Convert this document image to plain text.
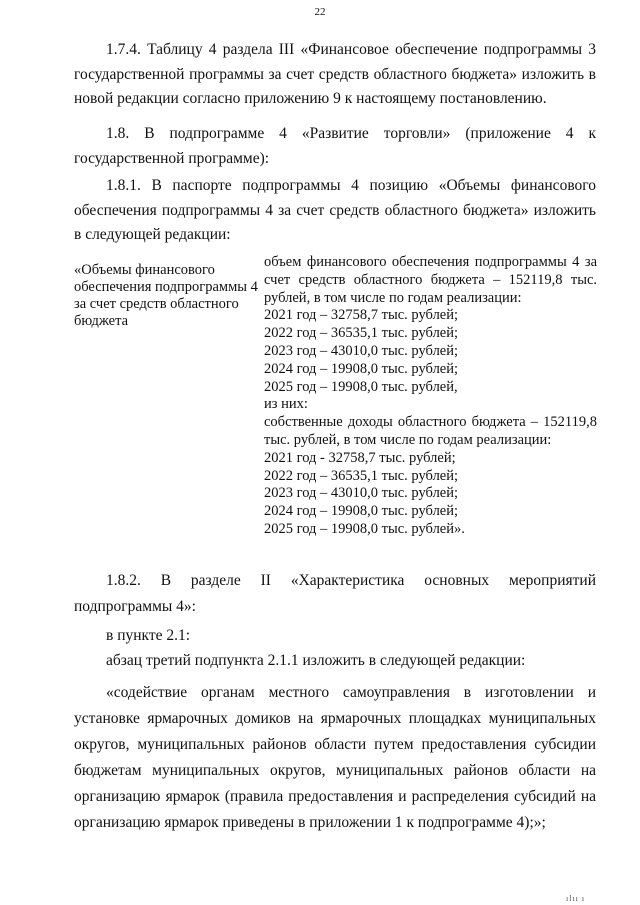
22
1.7.4. Таблицу 4 раздела III «Финансовое обеспечение подпрограммы 3 государственной программы за счет средств областного бюджета» изложить в новой редакции согласно приложению 9 к настоящему постановлению.
1.8. В подпрограмме 4 «Развитие торговли» (приложение 4 к государственной программе):
1.8.1. В паспорте подпрограммы 4 позицию «Объемы финансового обеспечения подпрограммы 4 за счет средств областного бюджета» изложить в следующей редакции:
«Объемы финансового обеспечения подпрограммы 4 за счет средств областного бюджета
объем финансового обеспечения подпрограммы 4 за счет средств областного бюджета – 152119,8 тыс. рублей, в том числе по годам реализации:
2021 год – 32758,7 тыс. рублей;
2022 год – 36535,1 тыс. рублей;
2023 год – 43010,0 тыс. рублей;
2024 год – 19908,0 тыс. рублей;
2025 год – 19908,0 тыс. рублей,
из них:
собственные доходы областного бюджета – 152119,8 тыс. рублей, в том числе по годам реализации:
2021 год - 32758,7 тыс. рублей;
2022 год – 36535,1 тыс. рублей;
2023 год – 43010,0 тыс. рублей;
2024 год – 19908,0 тыс. рублей;
2025 год – 19908,0 тыс. рублей».
1.8.2. В разделе II «Характеристика основных мероприятий подпрограммы 4»:
в пункте 2.1:
абзац третий подпункта 2.1.1 изложить в следующей редакции:
«содействие органам местного самоуправления в изготовлении и установке ярмарочных домиков на ярмарочных площадках муниципальных округов, муниципальных районов области путем предоставления субсидии бюджетам муниципальных округов, муниципальных районов области на организацию ярмарок (правила предоставления и распределения субсидий на организацию ярмарок приведены в приложении 1 к подпрограмме 4);»;
ılıı ı
